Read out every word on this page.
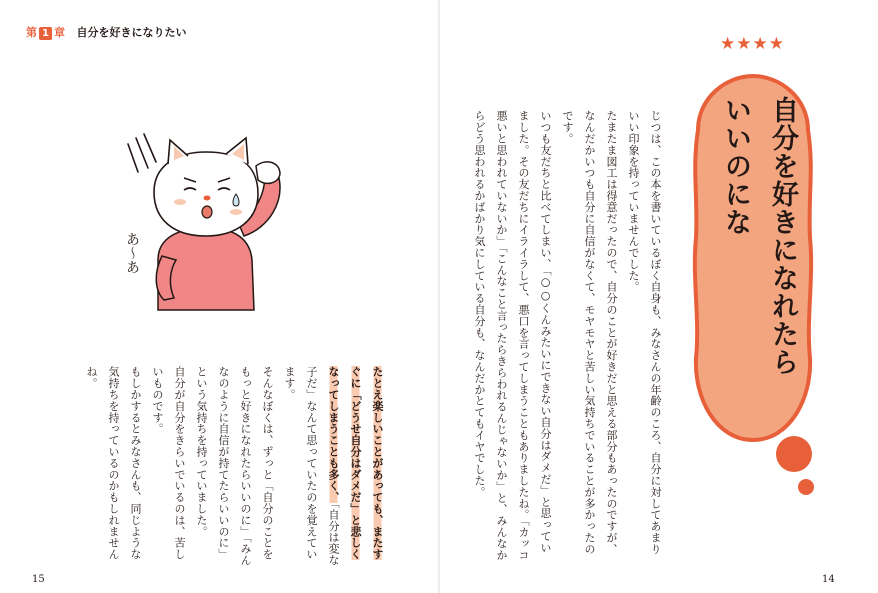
第 1 章 自分を好きになりたい
★★★★
自分を好きになれたら
いいのにな

じつは、この本を書いているぼく自身も、みなさんの年齢のころ、自分に対してあまりいい印象を持っていませんでした。

たまたま図工は得意だったので、自分のことが好きだと思える部分もあったのですが、なんだかいつも自分に自信がなくて、モヤモヤと苦しい気持ちでいることが多かったのです。

いつも友だちと比べてしまい、「○○くんみたいにできない自分はダメだ」と思っていました。その友だちにイライラして、悪口を言ってしまうこともありましたね。「カッコ悪いと思われていないか」「こんなこと言ったらきらわれるんじゃないか」と、みんなからどう思われるかばかり気にしている自分も、なんだかとてもイヤでした。

あ〜あ

たとえ楽しいことがあっても、またすぐに「どうせ自分はダメだ」と悲しくなってしまうことも多く、「自分は変な子だ」なんて思っていたのを覚えています。

そんなぼくは、ずっと「自分のことをもっと好きになれたらいいのに」「みんなのように自信が持てたらいいのに」という気持ちを持っていました。

自分が自分をきらいでいるのは、苦しいものです。

もしかするとみなさんも、同じような気持ちを持っているのかもしれませんね。

15	14
